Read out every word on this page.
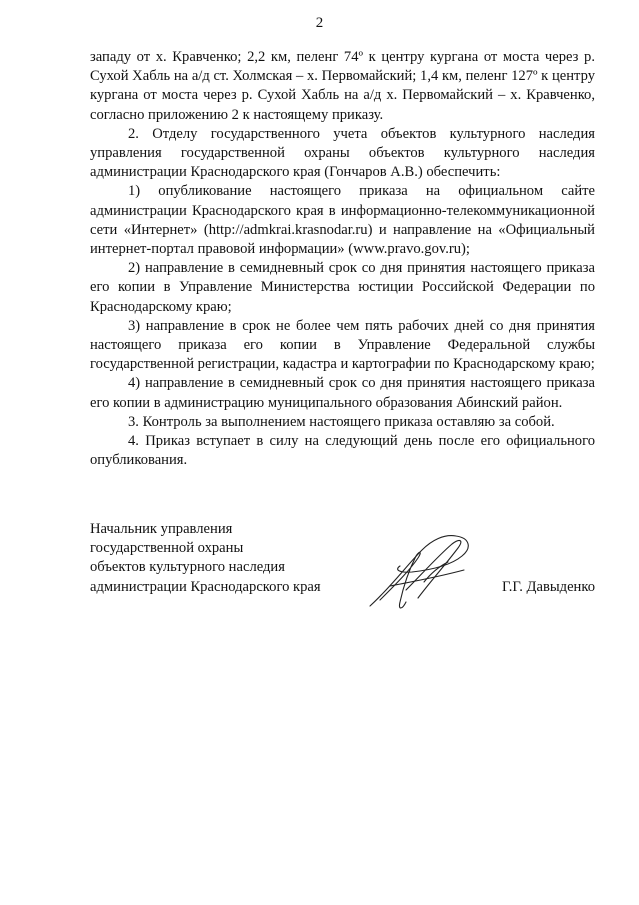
2

западу от х. Кравченко; 2,2 км, пеленг 74º к центру кургана от моста через р. Сухой Хабль на а/д ст. Холмская – х. Первомайский; 1,4 км, пеленг 127º к центру кургана от моста через р. Сухой Хабль на а/д х. Первомайский – х. Кравченко, согласно приложению 2 к настоящему приказу.

2. Отделу государственного учета объектов культурного наследия управления государственной охраны объектов культурного наследия администрации Краснодарского края (Гончаров А.В.) обеспечить:

1) опубликование настоящего приказа на официальном сайте администрации Краснодарского края в информационно-телекоммуникационной сети «Интернет» (http://admkrai.krasnodar.ru) и направление на «Официальный интернет-портал правовой информации» (www.pravo.gov.ru);

2) направление в семидневный срок со дня принятия настоящего приказа его копии в Управление Министерства юстиции Российской Федерации по Краснодарскому краю;

3) направление в срок не более чем пять рабочих дней со дня принятия настоящего приказа его копии в Управление Федеральной службы государственной регистрации, кадастра и картографии по Краснодарскому краю;

4) направление в семидневный срок со дня принятия настоящего приказа его копии в администрацию муниципального образования Абинский район.

3. Контроль за выполнением настоящего приказа оставляю за собой.

4. Приказ вступает в силу на следующий день после его официального опубликования.

Начальник управления
государственной охраны
объектов культурного наследия
администрации Краснодарского края	Г.Г. Давыденко
